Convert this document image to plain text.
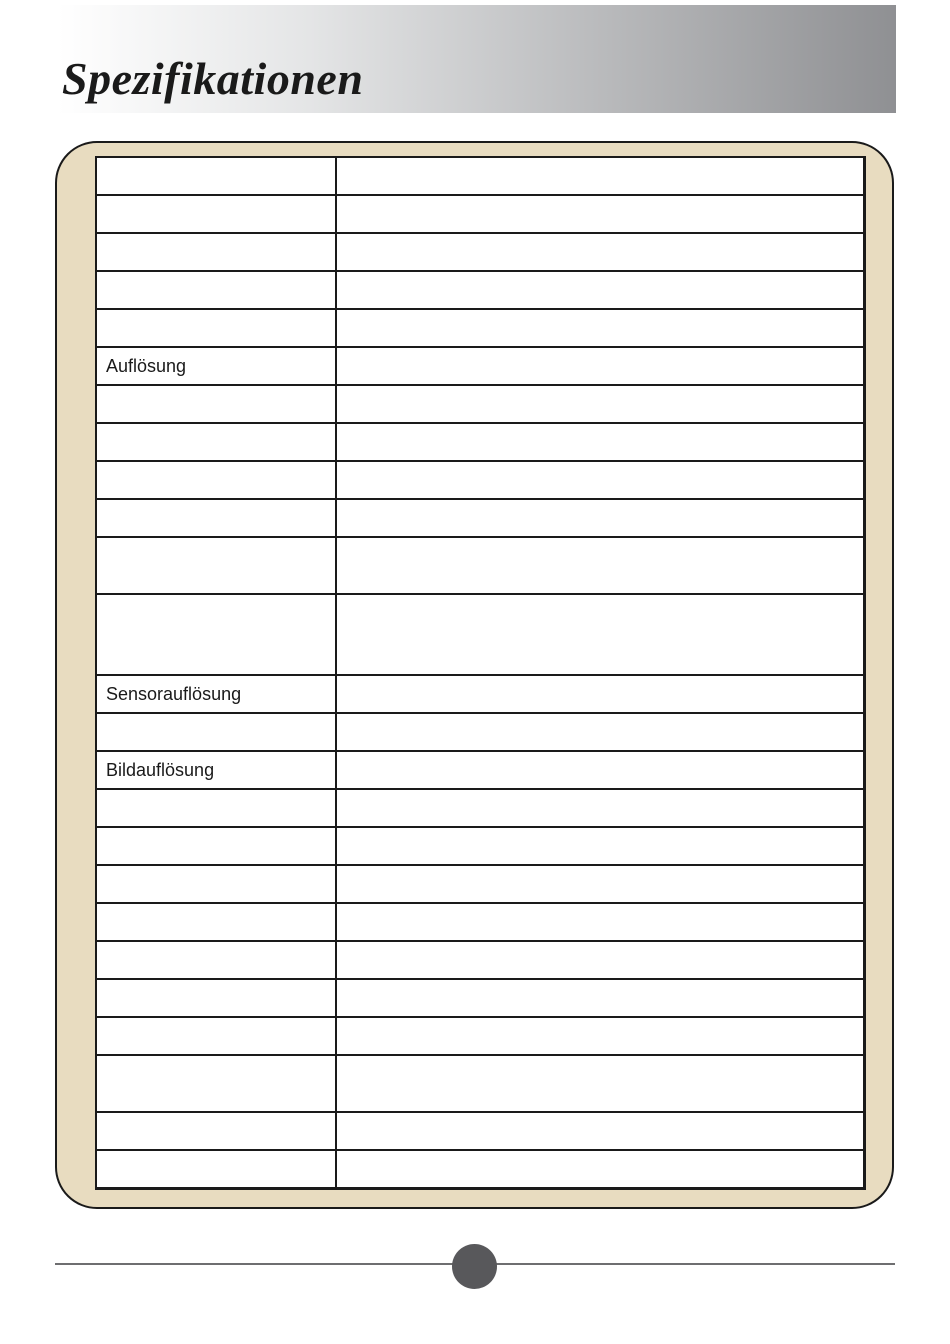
Spezifikationen

Auflösung	

Sensorauflösung	

Bildauflösung	
